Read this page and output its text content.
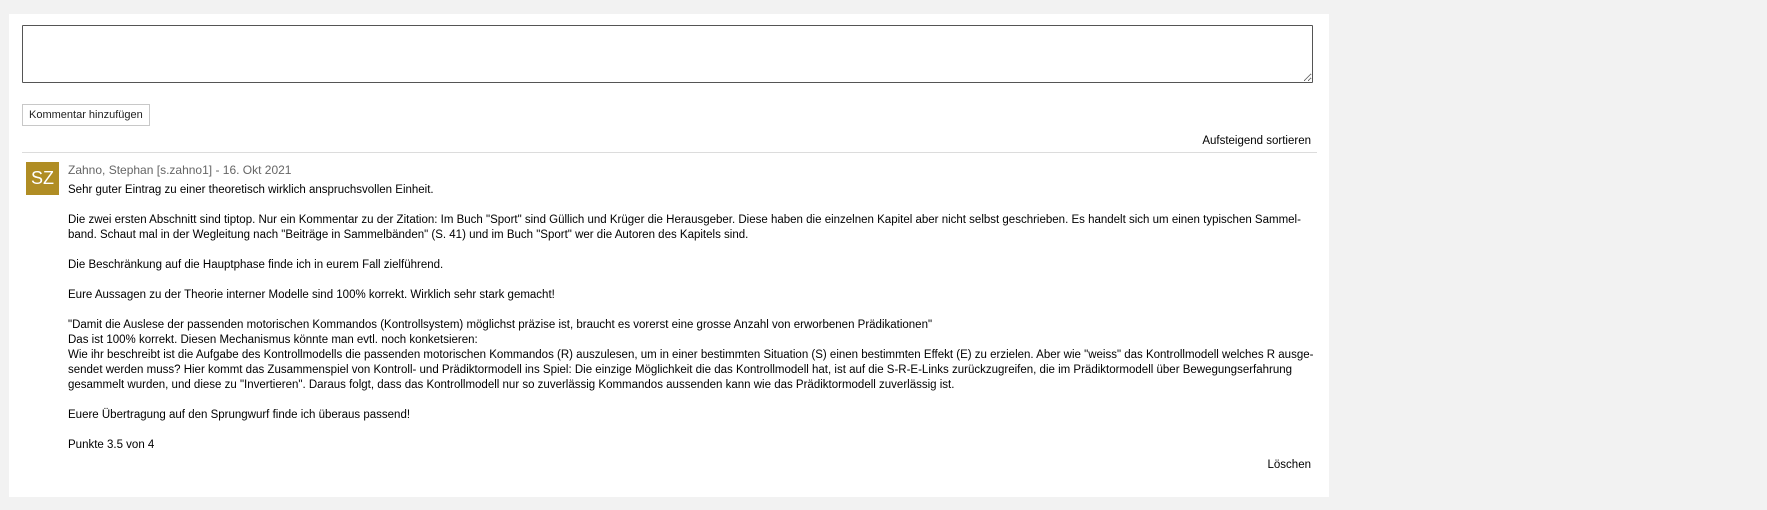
Kommentar hinzufügen
Aufsteigend sortieren
SZ	Zahno, Stephan [s.zahno1] - 16. Okt 2021

Sehr guter Eintrag zu einer theoretisch wirklich anspruchsvollen Einheit.

Die zwei ersten Abschnitt sind tiptop. Nur ein Kommentar zu der Zitation: Im Buch "Sport" sind Güllich und Krüger die Herausgeber. Diese haben die einzelnen Kapitel aber nicht selbst geschrieben. Es handelt sich um einen typischen Sammel-band. Schaut mal in der Wegleitung nach "Beiträge in Sammelbänden" (S. 41) und im Buch "Sport" wer die Autoren des Kapitels sind.

Die Beschränkung auf die Hauptphase finde ich in eurem Fall zielführend.

Eure Aussagen zu der Theorie interner Modelle sind 100% korrekt. Wirklich sehr stark gemacht!

"Damit die Auslese der passenden motorischen Kommandos (Kontrollsystem) möglichst präzise ist, braucht es vorerst eine grosse Anzahl von erworbenen Prädikationen"
Das ist 100% korrekt. Diesen Mechanismus könnte man evtl. noch konketsieren:
Wie ihr beschreibt ist die Aufgabe des Kontrollmodells die passenden motorischen Kommandos (R) auszulesen, um in einer bestimmten Situation (S) einen bestimmten Effekt (E) zu erzielen. Aber wie "weiss" das Kontrollmodell welches R ausge-sendet werden muss? Hier kommt das Zusammenspiel von Kontroll- und Prädiktormodell ins Spiel: Die einzige Möglichkeit die das Kontrollmodell hat, ist auf die S-R-E-Links zurückzugreifen, die im Prädiktormodell über Bewegungserfahrung gesammelt wurden, und diese zu "Invertieren". Daraus folgt, dass das Kontrollmodell nur so zuverlässig Kommandos aussenden kann wie das Prädiktormodell zuverlässig ist.

Euere Übertragung auf den Sprungwurf finde ich überaus passend!

Punkte 3.5 von 4

Löschen
